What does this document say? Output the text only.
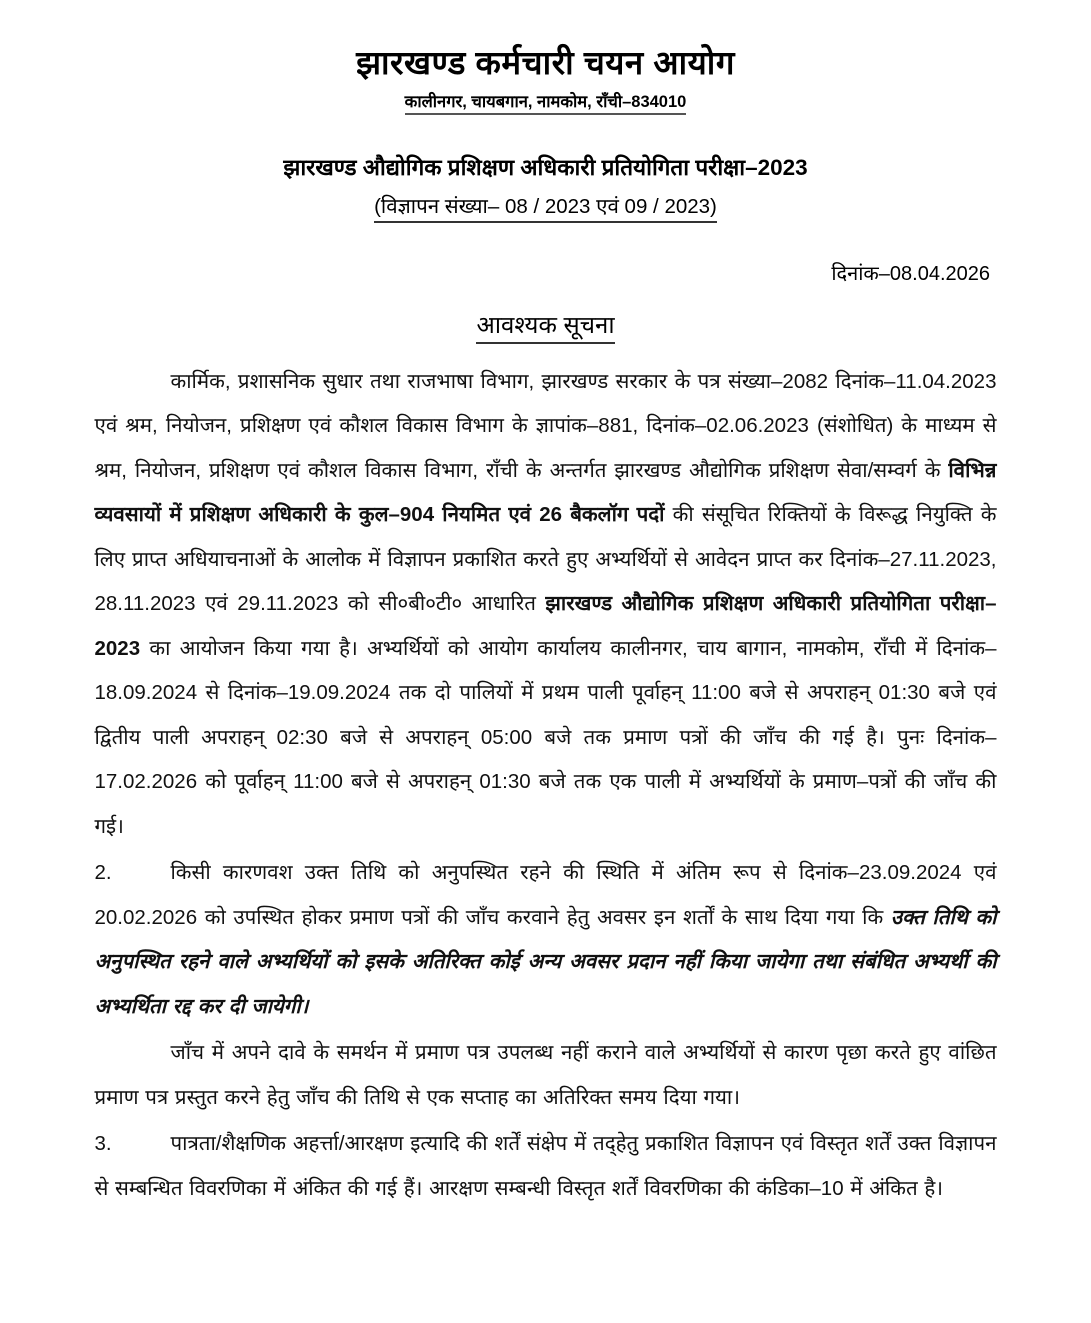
झारखण्ड कर्मचारी चयन आयोग
कालीनगर, चायबगान, नामकोम, राँची–834010
झारखण्ड औद्योगिक प्रशिक्षण अधिकारी प्रतियोगिता परीक्षा–2023
(विज्ञापन संख्या– 08 / 2023 एवं 09 / 2023)
दिनांक–08.04.2026
आवश्यक सूचना

कार्मिक, प्रशासनिक सुधार तथा राजभाषा विभाग, झारखण्ड सरकार के पत्र संख्या–2082 दिनांक–11.04.2023 एवं श्रम, नियोजन, प्रशिक्षण एवं कौशल विकास विभाग के ज्ञापांक–881, दिनांक–02.06.2023 (संशोधित) के माध्यम से श्रम, नियोजन, प्रशिक्षण एवं कौशल विकास विभाग, राँची के अन्तर्गत झारखण्ड औद्योगिक प्रशिक्षण सेवा/सम्वर्ग के विभिन्न व्यवसायों में प्रशिक्षण अधिकारी के कुल–904 नियमित एवं 26 बैकलॉग पदों की संसूचित रिक्तियों के विरूद्ध नियुक्ति के लिए प्राप्त अधियाचनाओं के आलोक में विज्ञापन प्रकाशित करते हुए अभ्यर्थियों से आवेदन प्राप्त कर दिनांक–27.11.2023, 28.11.2023 एवं 29.11.2023 को सी०बी०टी० आधारित झारखण्ड औद्योगिक प्रशिक्षण अधिकारी प्रतियोगिता परीक्षा–2023 का आयोजन किया गया है। अभ्यर्थियों को आयोग कार्यालय कालीनगर, चाय बागान, नामकोम, राँची में दिनांक–18.09.2024 से दिनांक–19.09.2024 तक दो पालियों में प्रथम पाली पूर्वाहन् 11:00 बजे से अपराहन् 01:30 बजे एवं द्वितीय पाली अपराहन् 02:30 बजे से अपराहन् 05:00 बजे तक प्रमाण पत्रों की जाँच की गई है। पुनः दिनांक–17.02.2026 को पूर्वाहन् 11:00 बजे से अपराहन् 01:30 बजे तक एक पाली में अभ्यर्थियों के प्रमाण–पत्रों की जाँच की गई।

2.	किसी कारणवश उक्त तिथि को अनुपस्थित रहने की स्थिति में अंतिम रूप से दिनांक–23.09.2024 एवं 20.02.2026 को उपस्थित होकर प्रमाण पत्रों की जाँच करवाने हेतु अवसर इन शर्तों के साथ दिया गया कि उक्त तिथि को अनुपस्थित रहने वाले अभ्यर्थियों को इसके अतिरिक्त कोई अन्य अवसर प्रदान नहीं किया जायेगा तथा संबंधित अभ्यर्थी की अभ्यर्थिता रद्द कर दी जायेगी।

जाँच में अपने दावे के समर्थन में प्रमाण पत्र उपलब्ध नहीं कराने वाले अभ्यर्थियों से कारण पृछा करते हुए वांछित प्रमाण पत्र प्रस्तुत करने हेतु जाँच की तिथि से एक सप्ताह का अतिरिक्त समय दिया गया।

3.	पात्रता/शैक्षणिक अहर्त्ता/आरक्षण इत्यादि की शर्तें संक्षेप में तद्हेतु प्रकाशित विज्ञापन एवं विस्तृत शर्तें उक्त विज्ञापन से सम्बन्धित विवरणिका में अंकित की गई हैं। आरक्षण सम्बन्धी विस्तृत शर्तें विवरणिका की कंडिका–10 में अंकित है।
